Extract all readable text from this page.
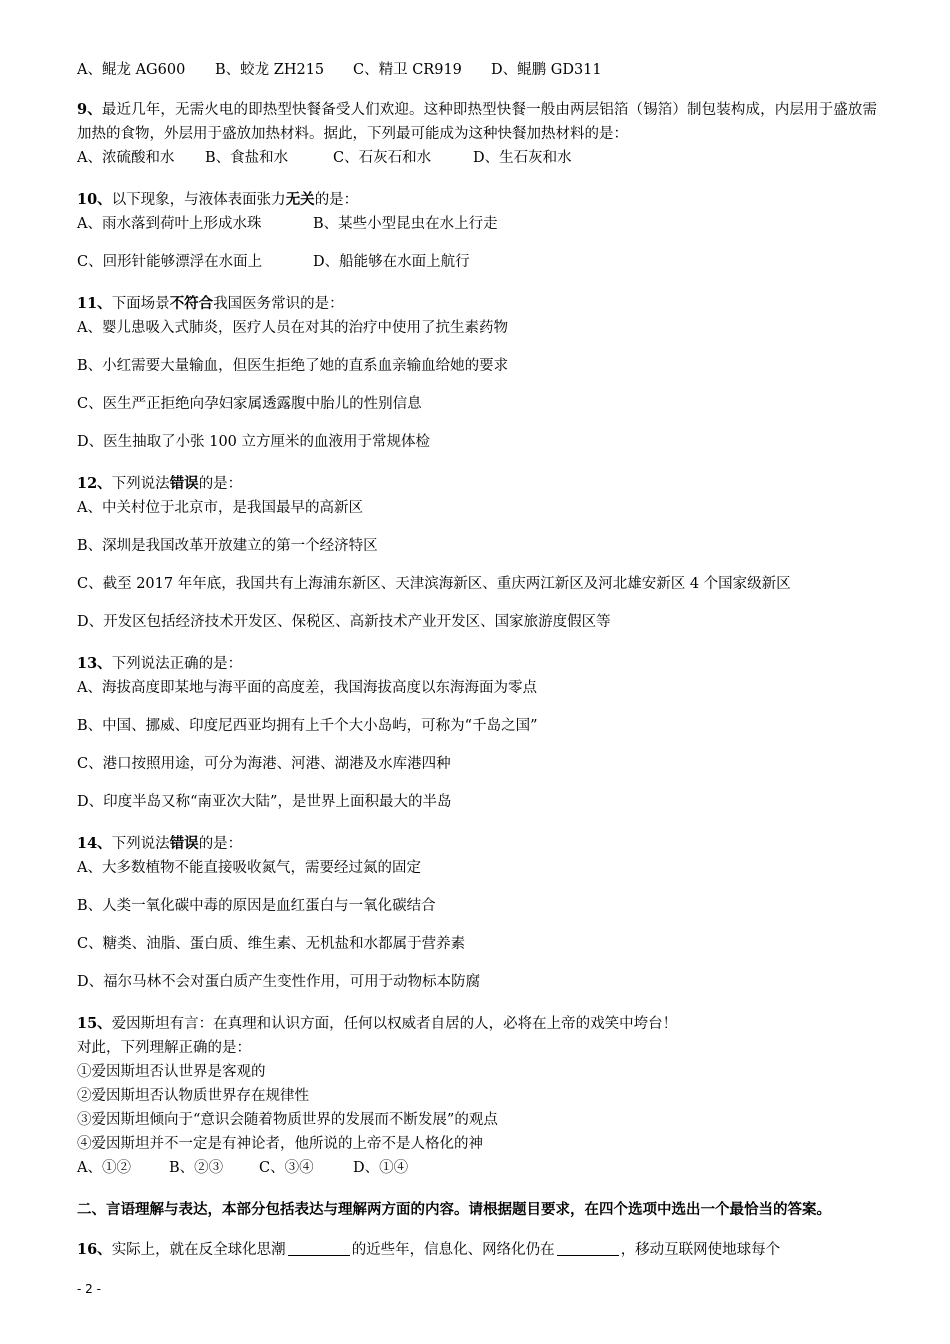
A、鲲龙 AG600 B、蛟龙 ZH215 C、精卫 CR919 D、鲲鹏 GD311
9、最近几年，无需火电的即热型快餐备受人们欢迎。这种即热型快餐一般由两层铝箔（锡箔）制包装构成，内层用于盛放需加热的食物，外层用于盛放加热材料。据此，下列最可能成为这种快餐加热材料的是：
A、浓硫酸和水 B、食盐和水	C、石灰石和水	D、生石灰和水
10、以下现象，与液体表面张力无关的是：
A、雨水落到荷叶上形成水珠	B、某些小型昆虫在水上行走
C、回形针能够漂浮在水面上	D、船能够在水面上航行
11、下面场景不符合我国医务常识的是：
A、婴儿患吸入式肺炎，医疗人员在对其的治疗中使用了抗生素药物
B、小红需要大量输血，但医生拒绝了她的直系血亲输血给她的要求
C、医生严正拒绝向孕妇家属透露腹中胎儿的性别信息
D、医生抽取了小张 100 立方厘米的血液用于常规体检
12、下列说法错误的是：
A、中关村位于北京市，是我国最早的高新区
B、深圳是我国改革开放建立的第一个经济特区
C、截至 2017 年年底，我国共有上海浦东新区、天津滨海新区、重庆两江新区及河北雄安新区 4 个国家级新区
D、开发区包括经济技术开发区、保税区、高新技术产业开发区、国家旅游度假区等
13、下列说法正确的是：
A、海拔高度即某地与海平面的高度差，我国海拔高度以东海海面为零点
B、中国、挪威、印度尼西亚均拥有上千个大小岛屿，可称为“千岛之国”
C、港口按照用途，可分为海港、河港、湖港及水库港四种
D、印度半岛又称“南亚次大陆”，是世界上面积最大的半岛
14、下列说法错误的是：
A、大多数植物不能直接吸收氮气，需要经过氮的固定
B、人类一氧化碳中毒的原因是血红蛋白与一氧化碳结合
C、糖类、油脂、蛋白质、维生素、无机盐和水都属于营养素
D、福尔马林不会对蛋白质产生变性作用，可用于动物标本防腐
15、爱因斯坦有言：在真理和认识方面，任何以权威者自居的人，必将在上帝的戏笑中垮台！
对此，下列理解正确的是：
①爱因斯坦否认世界是客观的
②爱因斯坦否认物质世界存在规律性
③爱因斯坦倾向于“意识会随着物质世界的发展而不断发展”的观点
④爱因斯坦并不一定是有神论者，他所说的上帝不是人格化的神
A、①②	B、②③ C、③④	D、①④
二、言语理解与表达，本部分包括表达与理解两方面的内容。请根据题目要求，在四个选项中选出一个最恰当的答案。
16、实际上，就在反全球化思潮	的近些年，信息化、网络化仍在	，移动互联网使地球每个
- 2 -
